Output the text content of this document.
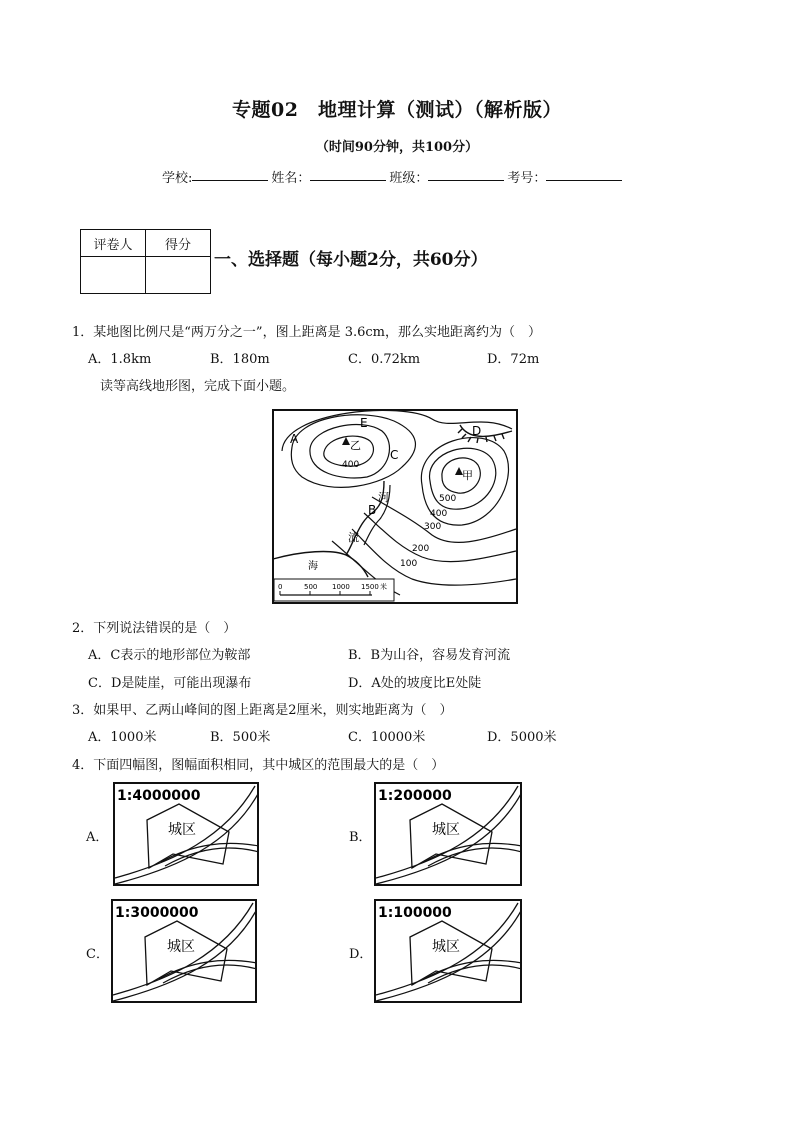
专题02　地理计算（测试）（解析版）
（时间90分钟，共100分）
学校:	姓名：	班级：	考号：
评卷人	得分

一、选择题（每小题2分，共60分）
1．某地图比例尺是“两万分之一”，图上距离是 3.6cm，那么实地距离约为（　）
A．1.8km	B．180m	C．0.72km	D．72m
读等高线地形图，完成下面小题。
E
D
乙
A
C
甲
400
500
400
300
200
100
河
B
流
海
0	500 1000 1500 米
2．下列说法错误的是（　）
A．C表示的地形部位为鞍部	B．B为山谷，容易发育河流
C．D是陡崖，可能出现瀑布	D．A处的坡度比E处陡
3．如果甲、乙两山峰间的图上距离是2厘米，则实地距离为（　）
A．1000米	B．500米	C．10000米	D．5000米
4．下面四幅图，图幅面积相同，其中城区的范围最大的是（　）
A．
1:4000000
城区	B．
1:200000
城区
C．
1:3000000
城区	D．
1:100000
城区
